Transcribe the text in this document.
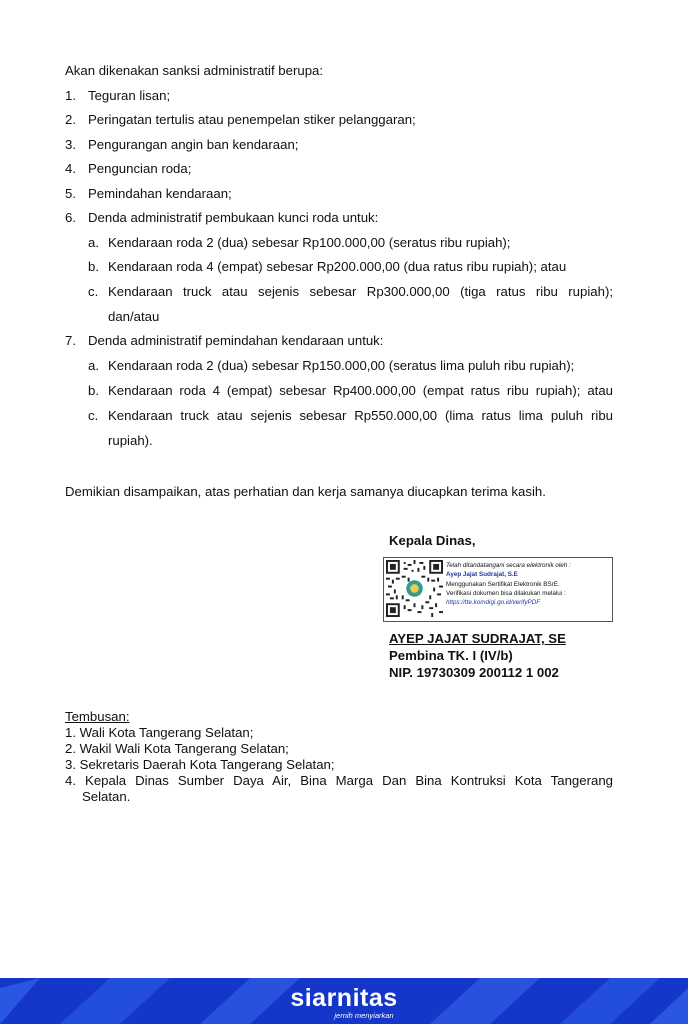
Akan dikenakan sanksi administratif berupa:
1. Teguran lisan;
2. Peringatan tertulis atau penempelan stiker pelanggaran;
3. Pengurangan angin ban kendaraan;
4. Penguncian roda;
5. Pemindahan kendaraan;
6. Denda administratif pembukaan kunci roda untuk:
a. Kendaraan roda 2 (dua) sebesar Rp100.000,00 (seratus ribu rupiah);
b. Kendaraan roda 4 (empat) sebesar Rp200.000,00 (dua ratus ribu rupiah); atau
c. Kendaraan truck atau sejenis sebesar Rp300.000,00 (tiga ratus ribu rupiah);
dan/atau
7. Denda administratif pemindahan kendaraan untuk:
a. Kendaraan roda 2 (dua) sebesar Rp150.000,00 (seratus lima puluh ribu rupiah);
b. Kendaraan roda 4 (empat) sebesar Rp400.000,00 (empat ratus ribu rupiah); atau
c. Kendaraan truck atau sejenis sebesar Rp550.000,00 (lima ratus lima puluh ribu
rupiah).
Demikian disampaikan, atas perhatian dan kerja samanya diucapkan terima kasih.
Kepala Dinas,
Telah ditandatangani secara elektronik oleh :
Ayep Jajat Sudrajat, S.E
Menggunakan Sertifikat Elektronik BSrE.
Verifikasi dokumen bisa dilakukan melalui :
https://tte.komdigi.go.id/verifyPDF
AYEP JAJAT SUDRAJAT, SE
Pembina TK. I (IV/b)
NIP. 19730309 200112 1 002
Tembusan:
1. Wali Kota Tangerang Selatan;
2. Wakil Wali Kota Tangerang Selatan;
3. Sekretaris Daerah Kota Tangerang Selatan;
4. Kepala Dinas Sumber Daya Air, Bina Marga Dan Bina Kontruksi Kota Tangerang
Selatan.
siarnitas
jernih menyiarkan
